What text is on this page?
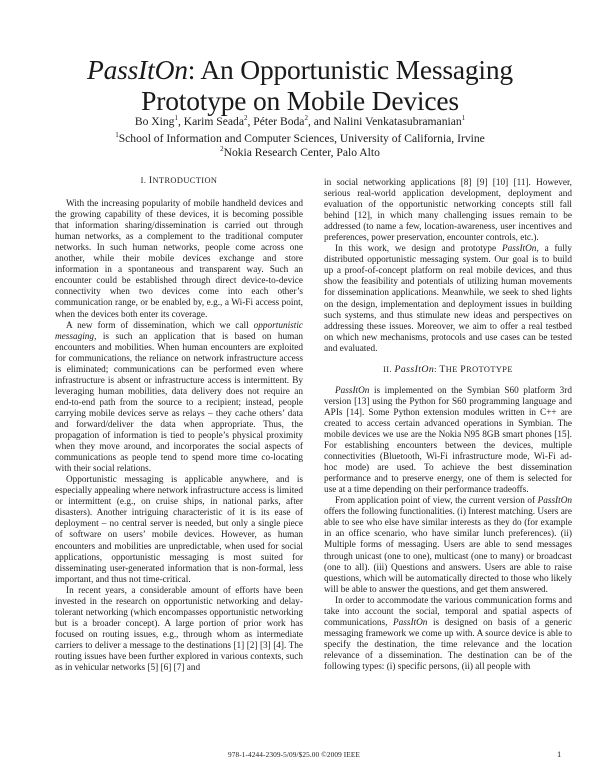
PassItOn: An Opportunistic Messaging Prototype on Mobile Devices
Bo Xing$^1$, Karim Seada$^2$, Péter Boda$^2$, and Nalini Venkatasubramanian$^1$
$^1$School of Information and Computer Sciences, University of California, Irvine
$^2$Nokia Research Center, Palo Alto
I. INTRODUCTION

With the increasing popularity of mobile handheld devices and the growing capability of these devices, it is becoming possible that information sharing/dissemination is carried out through human networks, as a complement to the traditional computer networks. In such human networks, people come across one another, while their mobile devices exchange and store information in a spontaneous and transparent way. Such an encounter could be established through direct device-to-device connectivity when two devices come into each other’s communication range, or be enabled by, e.g., a Wi-Fi access point, when the devices both enter its coverage.

A new form of dissemination, which we call opportunistic messaging, is such an application that is based on human encounters and mobilities. When human encounters are exploited for communications, the reliance on network infrastructure access is eliminated; communications can be performed even where infrastructure is absent or infrastructure access is intermittent. By leveraging human mobilities, data delivery does not require an end-to-end path from the source to a recipient; instead, people carrying mobile devices serve as relays – they cache others’ data and forward/deliver the data when appropriate. Thus, the propagation of information is tied to people’s physical proximity when they move around, and incorporates the social aspects of communications as people tend to spend more time co-locating with their social relations.

Opportunistic messaging is applicable anywhere, and is especially appealing where network infrastructure access is limited or intermittent (e.g., on cruise ships, in national parks, after disasters). Another intriguing characteristic of it is its ease of deployment – no central server is needed, but only a single piece of software on users’ mobile devices. However, as human encounters and mobilities are unpredictable, when used for social applications, opportunistic messaging is most suited for disseminating user-generated information that is non-formal, less important, and thus not time-critical.

In recent years, a considerable amount of efforts have been invested in the research on opportunistic networking and delay-tolerant networking (which encompasses opportunistic networking but is a broader concept). A large portion of prior work has focused on routing issues, e.g., through whom as intermediate carriers to deliver a message to the destinations [1] [2] [3] [4]. The routing issues have been further explored in various contexts, such as in vehicular networks [5] [6] [7] and

in social networking applications [8] [9] [10] [11]. However, serious real-world application development, deployment and evaluation of the opportunistic networking concepts still fall behind [12], in which many challenging issues remain to be addressed (to name a few, location-awareness, user incentives and preferences, power preservation, encounter controls, etc.).

In this work, we design and prototype PassItOn, a fully distributed opportunistic messaging system. Our goal is to build up a proof-of-concept platform on real mobile devices, and thus show the feasibility and potentials of utilizing human movements for dissemination applications. Meanwhile, we seek to shed lights on the design, implementation and deployment issues in building such systems, and thus stimulate new ideas and perspectives on addressing these issues. Moreover, we aim to offer a real testbed on which new mechanisms, protocols and use cases can be tested and evaluated.

II. PassItOn: THE PROTOTYPE

PassItOn is implemented on the Symbian S60 platform 3rd version [13] using the Python for S60 programming language and APIs [14]. Some Python extension modules written in C++ are created to access certain advanced operations in Symbian. The mobile devices we use are the Nokia N95 8GB smart phones [15]. For establishing encounters between the devices, multiple connectivities (Bluetooth, Wi-Fi infrastructure mode, Wi-Fi ad-hoc mode) are used. To achieve the best dissemination performance and to preserve energy, one of them is selected for use at a time depending on their performance tradeoffs.

From application point of view, the current version of PassItOn offers the following functionalities. (i) Interest matching. Users are able to see who else have similar interests as they do (for example in an office scenario, who have similar lunch preferences). (ii) Multiple forms of messaging. Users are able to send messages through unicast (one to one), multicast (one to many) or broadcast (one to all). (iii) Questions and answers. Users are able to raise questions, which will be automatically directed to those who likely will be able to answer the questions, and get them answered.

In order to accommodate the various communication forms and take into account the social, temporal and spatial aspects of communications, PassItOn is designed on basis of a generic messaging framework we come up with. A source device is able to specify the destination, the time relevance and the location relevance of a dissemination. The destination can be of the following types: (i) specific persons, (ii) all people with

978-1-4244-2309-5/09/$25.00 ©2009 IEEE	1
